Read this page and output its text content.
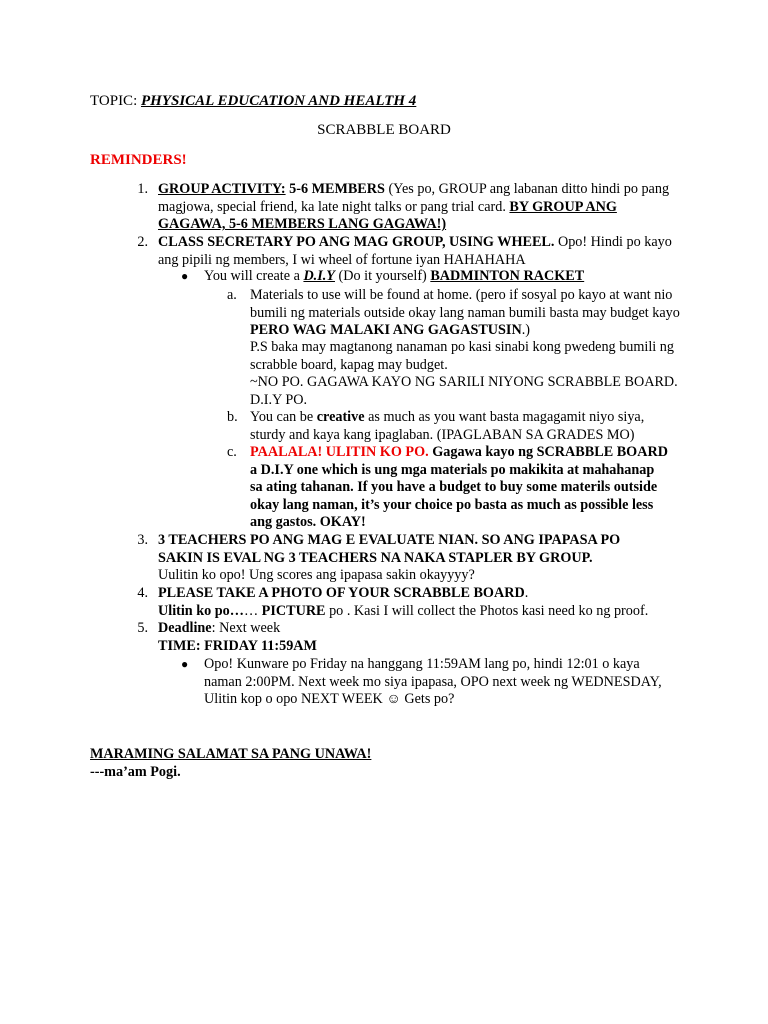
TOPIC: PHYSICAL EDUCATION AND HEALTH 4
SCRABBLE BOARD
REMINDERS!
1. GROUP ACTIVITY: 5-6 MEMBERS (Yes po, GROUP ang labanan ditto hindi po pang magjowa, special friend, ka late night talks or pang trial card. BY GROUP ANG GAGAWA, 5-6 MEMBERS LANG GAGAWA!)
2. CLASS SECRETARY PO ANG MAG GROUP, USING WHEEL. Opo! Hindi po kayo ang pipili ng members, I wi wheel of fortune iyan HAHAHAHA
● You will create a D.I.Y (Do it yourself) BADMINTON RACKET
a. Materials to use will be found at home. (pero if sosyal po kayo at want nio bumili ng materials outside okay lang naman bumili basta may budget kayo PERO WAG MALAKI ANG GAGASTUSIN.)
P.S baka may magtanong nanaman po kasi sinabi kong pwedeng bumili ng scrabble board, kapag may budget.
~NO PO. GAGAWA KAYO NG SARILI NIYONG SCRABBLE BOARD. D.I.Y PO.
b. You can be creative as much as you want basta magagamit niyo siya, sturdy and kaya kang ipaglaban. (IPAGLABAN SA GRADES MO)
c. PAALALA! ULITIN KO PO. Gagawa kayo ng SCRABBLE BOARD a D.I.Y one which is ung mga materials po makikita at mahahanap sa ating tahanan. If you have a budget to buy some materils outside okay lang naman, it’s your choice po basta as much as possible less ang gastos. OKAY!
3. 3 TEACHERS PO ANG MAG E EVALUATE NIAN. SO ANG IPAPASA PO SAKIN IS EVAL NG 3 TEACHERS NA NAKA STAPLER BY GROUP.
Uulitin ko opo! Ung scores ang ipapasa sakin okayyyy?
4. PLEASE TAKE A PHOTO OF YOUR SCRABBLE BOARD.
Ulitin ko po…… PICTURE po . Kasi I will collect the Photos kasi need ko ng proof.
5. Deadline: Next week
TIME: FRIDAY 11:59AM
● Opo! Kunware po Friday na hanggang 11:59AM lang po, hindi 12:01 o kaya naman 2:00PM. Next week mo siya ipapasa, OPO next week ng WEDNESDAY, Ulitin kop o opo NEXT WEEK ☺ Gets po?
MARAMING SALAMAT SA PANG UNAWA!
---ma’am Pogi.
